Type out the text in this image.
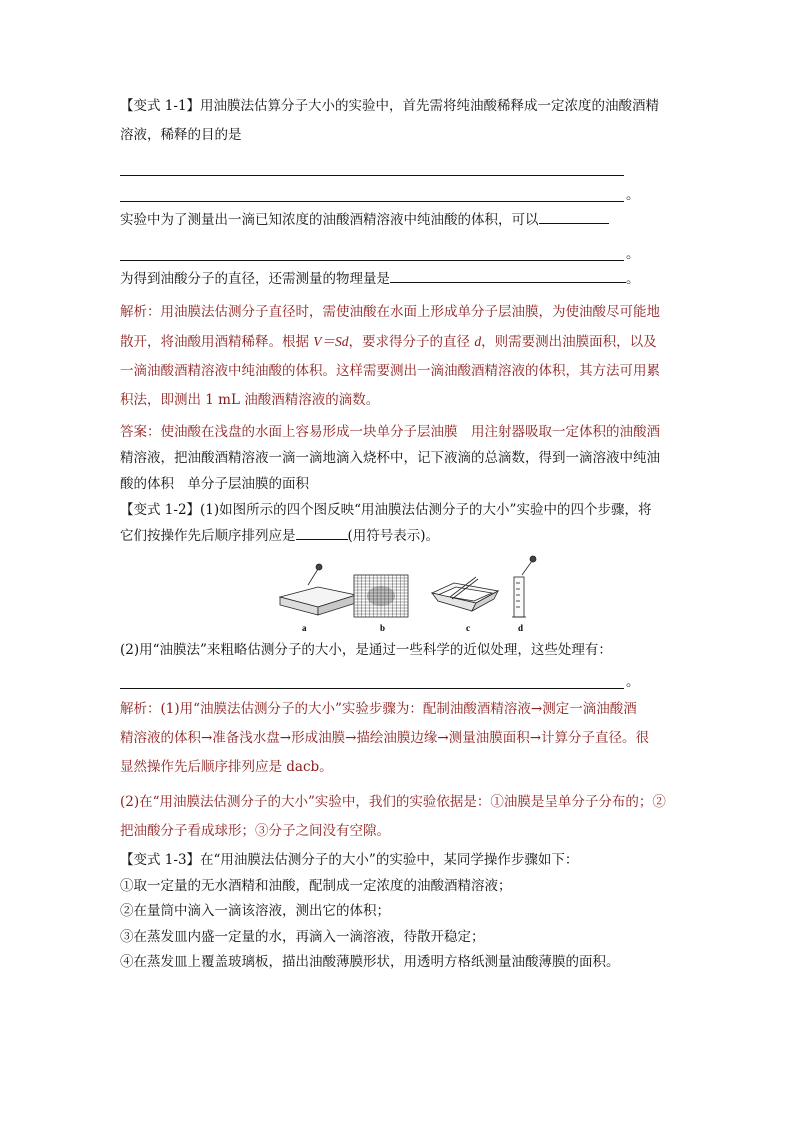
【变式 1-1】用油膜法估算分子大小的实验中，首先需将纯油酸稀释成一定浓度的油酸酒精

溶液，稀释的目的是

。

实验中为了测量出一滴已知浓度的油酸酒精溶液中纯油酸的体积，可以

。

为得到油酸分子的直径，还需测量的物理量是	。

解析：用油膜法估测分子直径时，需使油酸在水面上形成单分子层油膜，为使油酸尽可能地

散开，将油酸用酒精稀释。根据 V＝Sd，要求得分子的直径 d，则需要测出油膜面积，以及

一滴油酸酒精溶液中纯油酸的体积。这样需要测出一滴油酸酒精溶液的体积，其方法可用累

积法，即测出 1 mL 油酸酒精溶液的滴数。

答案：使油酸在浅盘的水面上容易形成一块单分子层油膜　用注射器吸取一定体积的油酸酒

精溶液，把油酸酒精溶液一滴一滴地滴入烧杯中，记下液滴的总滴数，得到一滴溶液中纯油

酸的体积　单分子层油膜的面积

【变式 1-2】(1)如图所示的四个图反映“用油膜法估测分子的大小”实验中的四个步骤，将

它们按操作先后顺序排列应是	(用符号表示)。

a	b	c	d

(2)用“油膜法”来粗略估测分子的大小，是通过一些科学的近似处理，这些处理有：

。

解析：(1)用“油膜法估测分子的大小”实验步骤为：配制油酸酒精溶液→测定一滴油酸酒

精溶液的体积→准备浅水盘→形成油膜→描绘油膜边缘→测量油膜面积→计算分子直径。很

显然操作先后顺序排列应是 dacb。

(2)在“用油膜法估测分子的大小”实验中，我们的实验依据是：①油膜是呈单分子分布的；②

把油酸分子看成球形；③分子之间没有空隙。

【变式 1-3】在“用油膜法估测分子的大小”的实验中，某同学操作步骤如下：

①取一定量的无水酒精和油酸，配制成一定浓度的油酸酒精溶液；

②在量筒中滴入一滴该溶液，测出它的体积；

③在蒸发皿内盛一定量的水，再滴入一滴溶液，待散开稳定；

④在蒸发皿上覆盖玻璃板，描出油酸薄膜形状，用透明方格纸测量油酸薄膜的面积。
